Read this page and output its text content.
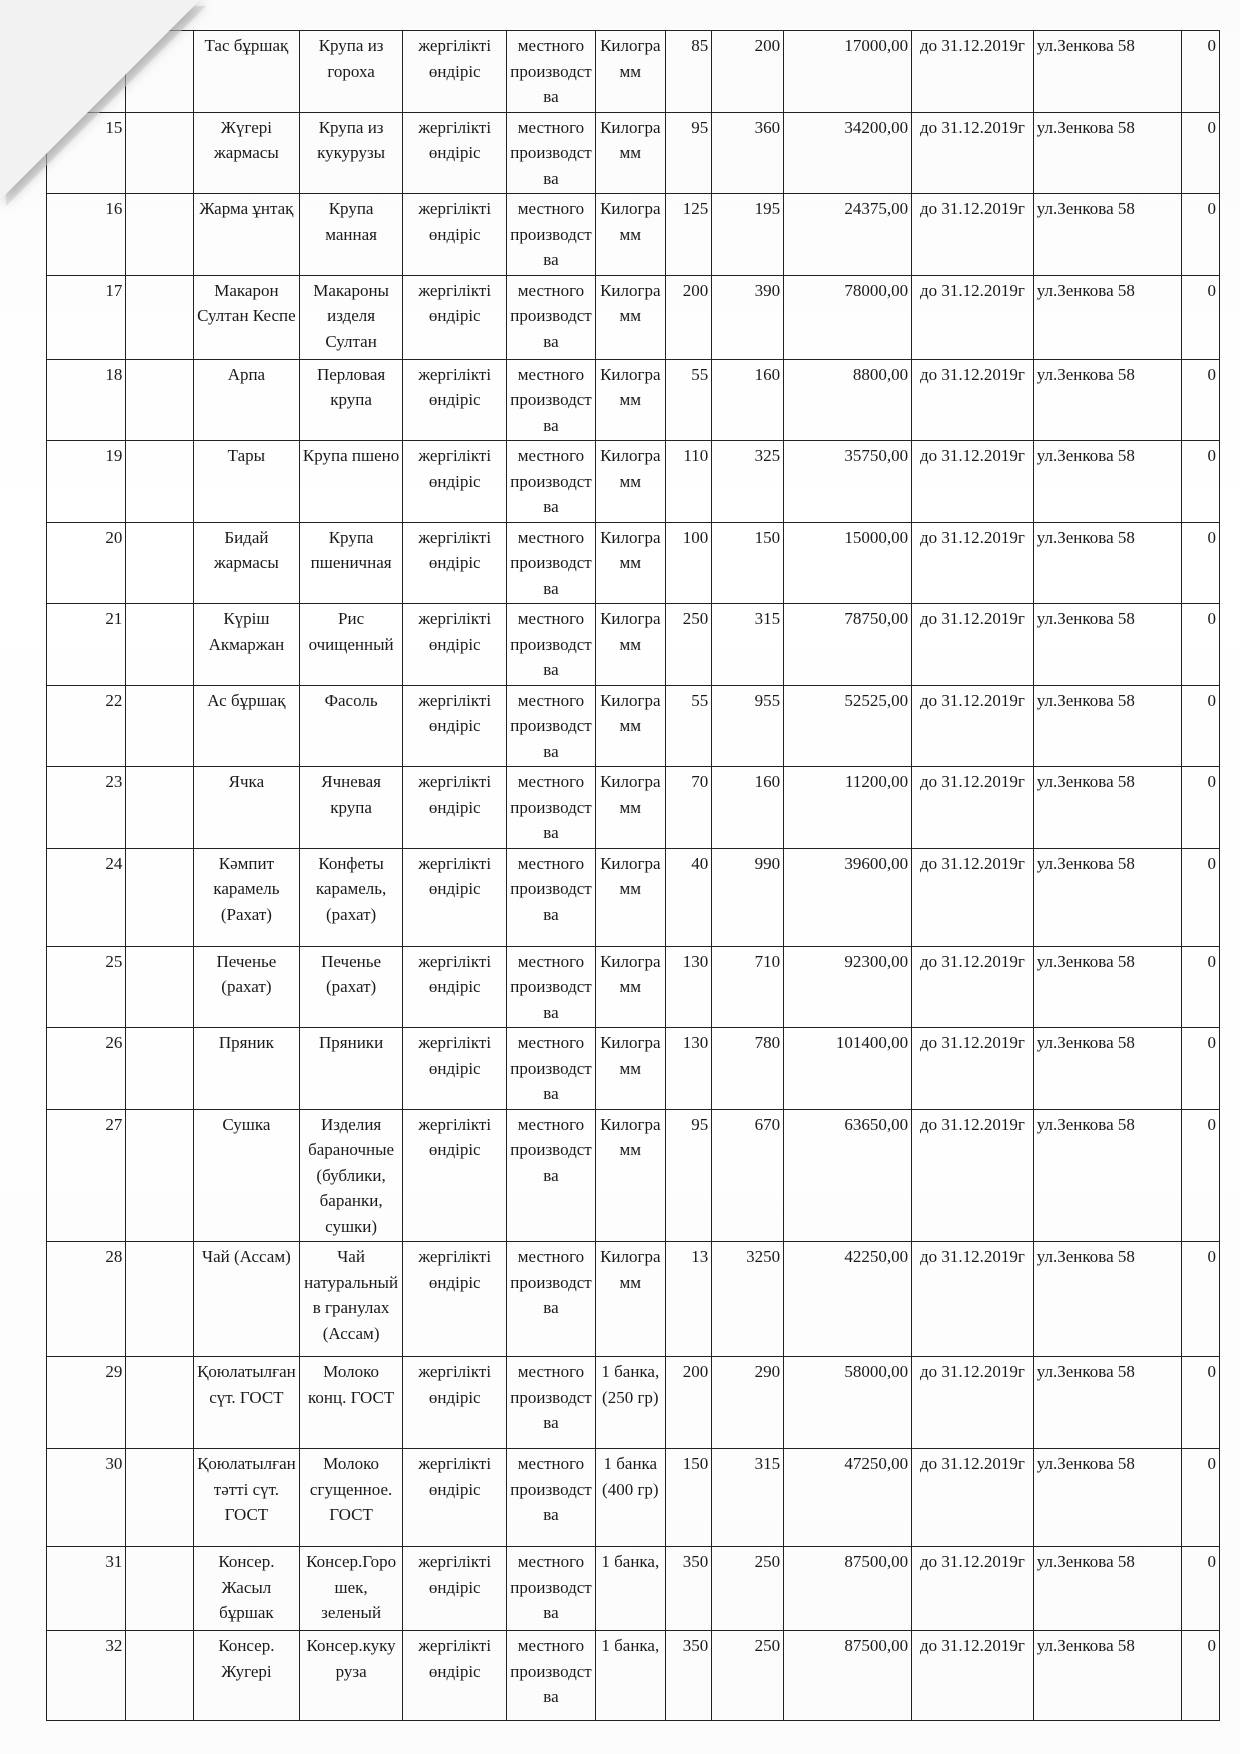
		Тас бұршақ	Крупа из гороха	жергілікті өндіріс	местного производства	Килограмм	85	200	17000,00	до 31.12.2019г	ул.Зенкова 58	0
15		Жүгері жармасы	Крупа из кукурузы	жергілікті өндіріс	местного производства	Килограмм	95	360	34200,00	до 31.12.2019г	ул.Зенкова 58	0
16		Жарма ұнтақ	Крупа манная	жергілікті өндіріс	местного производства	Килограмм	125	195	24375,00	до 31.12.2019г	ул.Зенкова 58	0
17		Макарон Султан Кеспе	Макароны изделя Султан	жергілікті өндіріс	местного производства	Килограмм	200	390	78000,00	до 31.12.2019г	ул.Зенкова 58	0
18		Арпа	Перловая крупа	жергілікті өндіріс	местного производства	Килограмм	55	160	8800,00	до 31.12.2019г	ул.Зенкова 58	0
19		Тары	Крупа пшено	жергілікті өндіріс	местного производства	Килограмм	110	325	35750,00	до 31.12.2019г	ул.Зенкова 58	0
20		Бидай жармасы	Крупа пшеничная	жергілікті өндіріс	местного производства	Килограмм	100	150	15000,00	до 31.12.2019г	ул.Зенкова 58	0
21		Күріш Акмаржан	Рис очищенный	жергілікті өндіріс	местного производства	Килограмм	250	315	78750,00	до 31.12.2019г	ул.Зенкова 58	0
22		Ас бұршақ	Фасоль	жергілікті өндіріс	местного производства	Килограмм	55	955	52525,00	до 31.12.2019г	ул.Зенкова 58	0
23		Ячка	Ячневая крупа	жергілікті өндіріс	местного производства	Килограмм	70	160	11200,00	до 31.12.2019г	ул.Зенкова 58	0
24		Кәмпит карамель (Рахат)	Конфеты карамель, (рахат)	жергілікті өндіріс	местного производства	Килограмм	40	990	39600,00	до 31.12.2019г	ул.Зенкова 58	0
25		Печенье (рахат)	Печенье (рахат)	жергілікті өндіріс	местного производства	Килограмм	130	710	92300,00	до 31.12.2019г	ул.Зенкова 58	0
26		Пряник	Пряники	жергілікті өндіріс	местного производства	Килограмм	130	780	101400,00	до 31.12.2019г	ул.Зенкова 58	0
27		Сушка	Изделия бараночные (бублики, баранки, сушки)	жергілікті өндіріс	местного производства	Килограмм	95	670	63650,00	до 31.12.2019г	ул.Зенкова 58	0
28		Чай (Ассам)	Чай натуральный в гранулах (Ассам)	жергілікті өндіріс	местного производства	Килограмм	13	3250	42250,00	до 31.12.2019г	ул.Зенкова 58	0
29		Қоюлатылған сүт. ГОСТ	Молоко конц. ГОСТ	жергілікті өндіріс	местного производства	1 банка, (250 гр)	200	290	58000,00	до 31.12.2019г	ул.Зенкова 58	0
30		Қоюлатылған тәтті сүт. ГОСТ	Молоко сгущенное. ГОСТ	жергілікті өндіріс	местного производства	1 банка (400 гр)	150	315	47250,00	до 31.12.2019г	ул.Зенкова 58	0
31		Консер. Жасыл бұршак	Консер.Горошек, зеленый	жергілікті өндіріс	местного производства	1 банка,	350	250	87500,00	до 31.12.2019г	ул.Зенкова 58	0
32		Консер. Жугері	Консер.кукуруза	жергілікті өндіріс	местного производства	1 банка,	350	250	87500,00	до 31.12.2019г	ул.Зенкова 58	0
